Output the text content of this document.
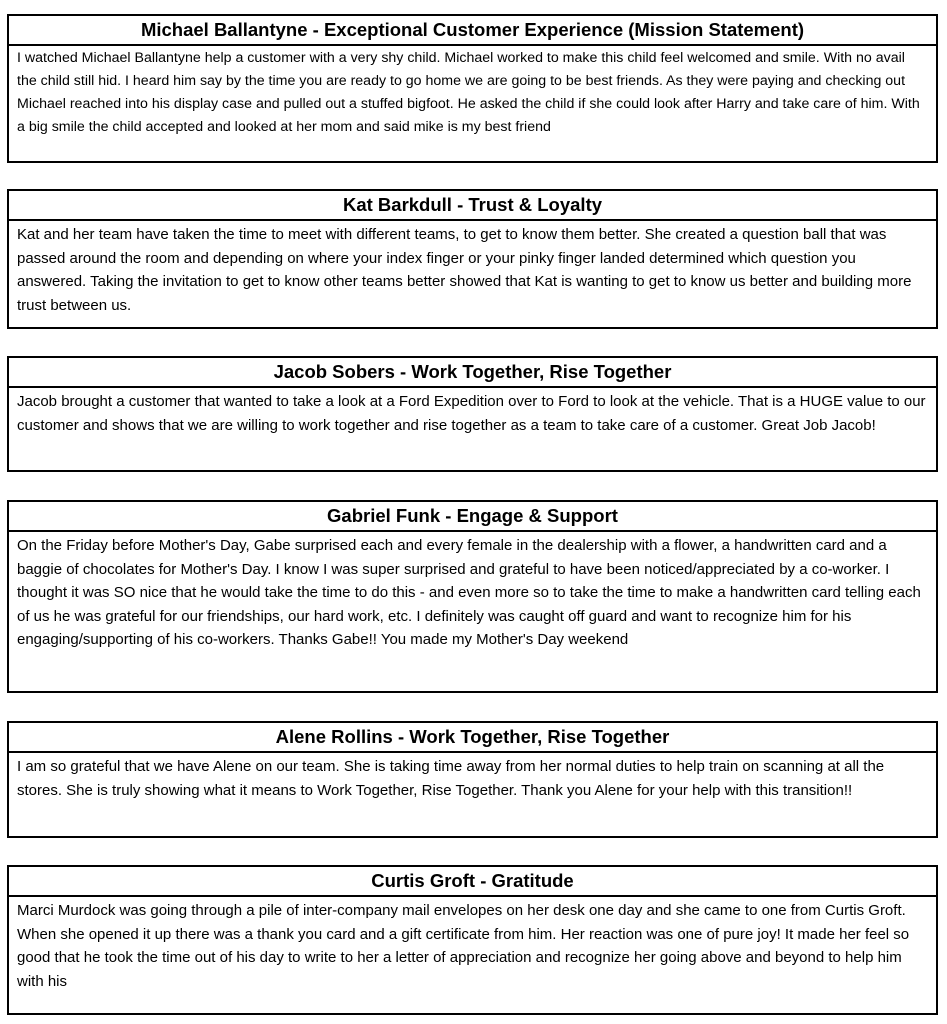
Michael Ballantyne - Exceptional Customer Experience (Mission Statement)
I watched Michael Ballantyne help a customer with a very shy child. Michael worked to make this child feel welcomed and smile. With no avail the child still hid. I heard him say by the time you are ready to go home we are going to be best friends. As they were paying and checking out Michael reached into his display case and pulled out a stuffed bigfoot. He asked the child if she could look after Harry and take care of him. With a big smile the child accepted and looked at her mom and said mike is my best friend
Kat Barkdull - Trust & Loyalty
Kat and her team have taken the time to meet with different teams, to get to know them better. She created a question ball that was passed around the room and depending on where your index finger or your pinky finger landed determined which question you answered. Taking the invitation to get to know other teams better showed that Kat is wanting to get to know us better and building more trust between us.
Jacob Sobers - Work Together, Rise Together
Jacob brought a customer that wanted to take a look at a Ford Expedition over to Ford to look at the vehicle. That is a HUGE value to our customer and shows that we are willing to work together and rise together as a team to take care of a customer. Great Job Jacob!
Gabriel Funk - Engage & Support
On the Friday before Mother's Day, Gabe surprised each and every female in the dealership with a flower, a handwritten card and a baggie of chocolates for Mother's Day. I know I was super surprised and grateful to have been noticed/appreciated by a co-worker. I thought it was SO nice that he would take the time to do this - and even more so to take the time to make a handwritten card telling each of us he was grateful for our friendships, our hard work, etc. I definitely was caught off guard and want to recognize him for his engaging/supporting of his co-workers. Thanks Gabe!! You made my Mother's Day weekend
Alene Rollins - Work Together, Rise Together
I am so grateful that we have Alene on our team. She is taking time away from her normal duties to help train on scanning at all the stores. She is truly showing what it means to Work Together, Rise Together. Thank you Alene for your help with this transition!!
Curtis Groft - Gratitude
Marci Murdock was going through a pile of inter-company mail envelopes on her desk one day and she came to one from Curtis Groft. When she opened it up there was a thank you card and a gift certificate from him. Her reaction was one of pure joy! It made her feel so good that he took the time out of his day to write to her a letter of appreciation and recognize her going above and beyond to help him with his
